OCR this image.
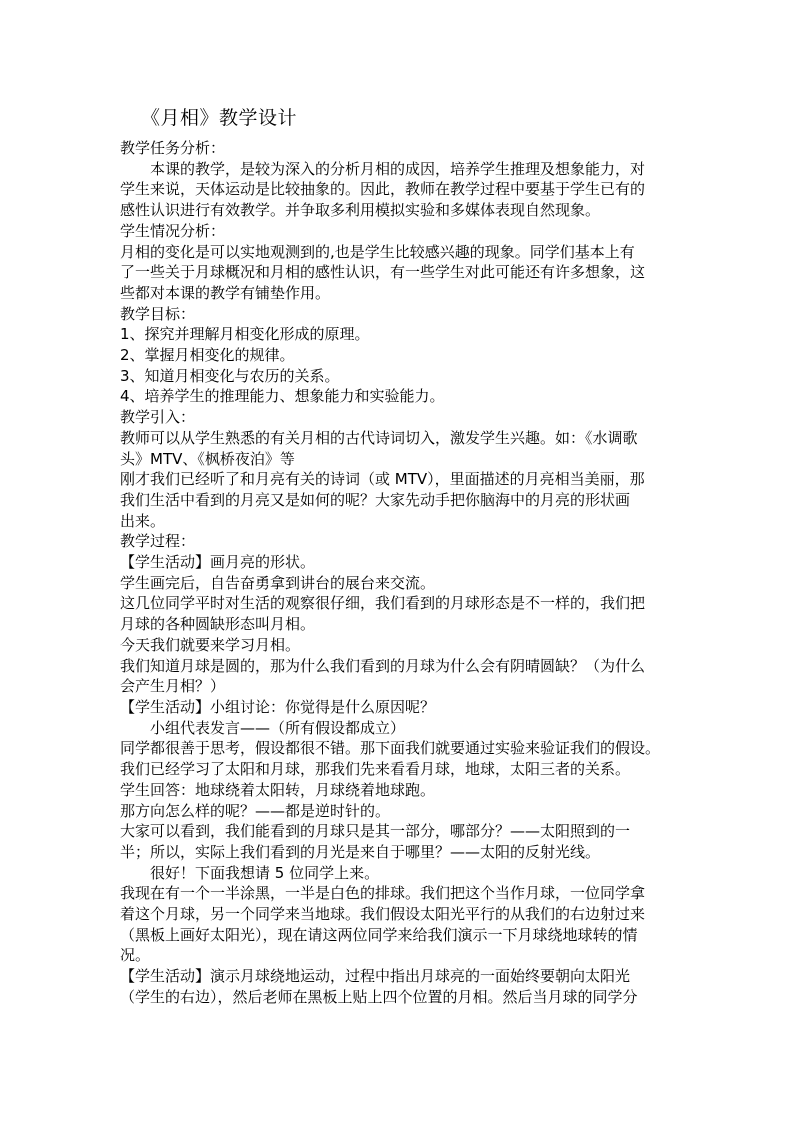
《月相》教学设计
教学任务分析：
本课的教学，是较为深入的分析月相的成因，培养学生推理及想象能力，对
学生来说，天体运动是比较抽象的。因此，教师在教学过程中要基于学生已有的
感性认识进行有效教学。并争取多利用模拟实验和多媒体表现自然现象。
学生情况分析：
月相的变化是可以实地观测到的,也是学生比较感兴趣的现象。同学们基本上有
了一些关于月球概况和月相的感性认识，有一些学生对此可能还有许多想象，这
些都对本课的教学有铺垫作用。
教学目标：
1、探究并理解月相变化形成的原理。
2、掌握月相变化的规律。
3、知道月相变化与农历的关系。
4、培养学生的推理能力、想象能力和实验能力。
教学引入：
教师可以从学生熟悉的有关月相的古代诗词切入，激发学生兴趣。如：《水调歌
头》MTV、《枫桥夜泊》等
刚才我们已经听了和月亮有关的诗词（或 MTV），里面描述的月亮相当美丽，那
我们生活中看到的月亮又是如何的呢？大家先动手把你脑海中的月亮的形状画
出来。
教学过程：
【学生活动】画月亮的形状。
学生画完后，自告奋勇拿到讲台的展台来交流。
这几位同学平时对生活的观察很仔细，我们看到的月球形态是不一样的，我们把
月球的各种圆缺形态叫月相。
今天我们就要来学习月相。
我们知道月球是圆的，那为什么我们看到的月球为什么会有阴晴圆缺？（为什么
会产生月相？）
【学生活动】小组讨论：你觉得是什么原因呢？
小组代表发言——（所有假设都成立）
同学都很善于思考，假设都很不错。那下面我们就要通过实验来验证我们的假设。
我们已经学习了太阳和月球，那我们先来看看月球，地球，太阳三者的关系。
学生回答：地球绕着太阳转，月球绕着地球跑。
那方向怎么样的呢？——都是逆时针的。
大家可以看到，我们能看到的月球只是其一部分，哪部分？——太阳照到的一
半；所以，实际上我们看到的月光是来自于哪里？——太阳的反射光线。
很好！下面我想请 5 位同学上来。
我现在有一个一半涂黑，一半是白色的排球。我们把这个当作月球，一位同学拿
着这个月球，另一个同学来当地球。我们假设太阳光平行的从我们的右边射过来
（黑板上画好太阳光），现在请这两位同学来给我们演示一下月球绕地球转的情
况。
【学生活动】演示月球绕地运动，过程中指出月球亮的一面始终要朝向太阳光
（学生的右边），然后老师在黑板上贴上四个位置的月相。然后当月球的同学分
